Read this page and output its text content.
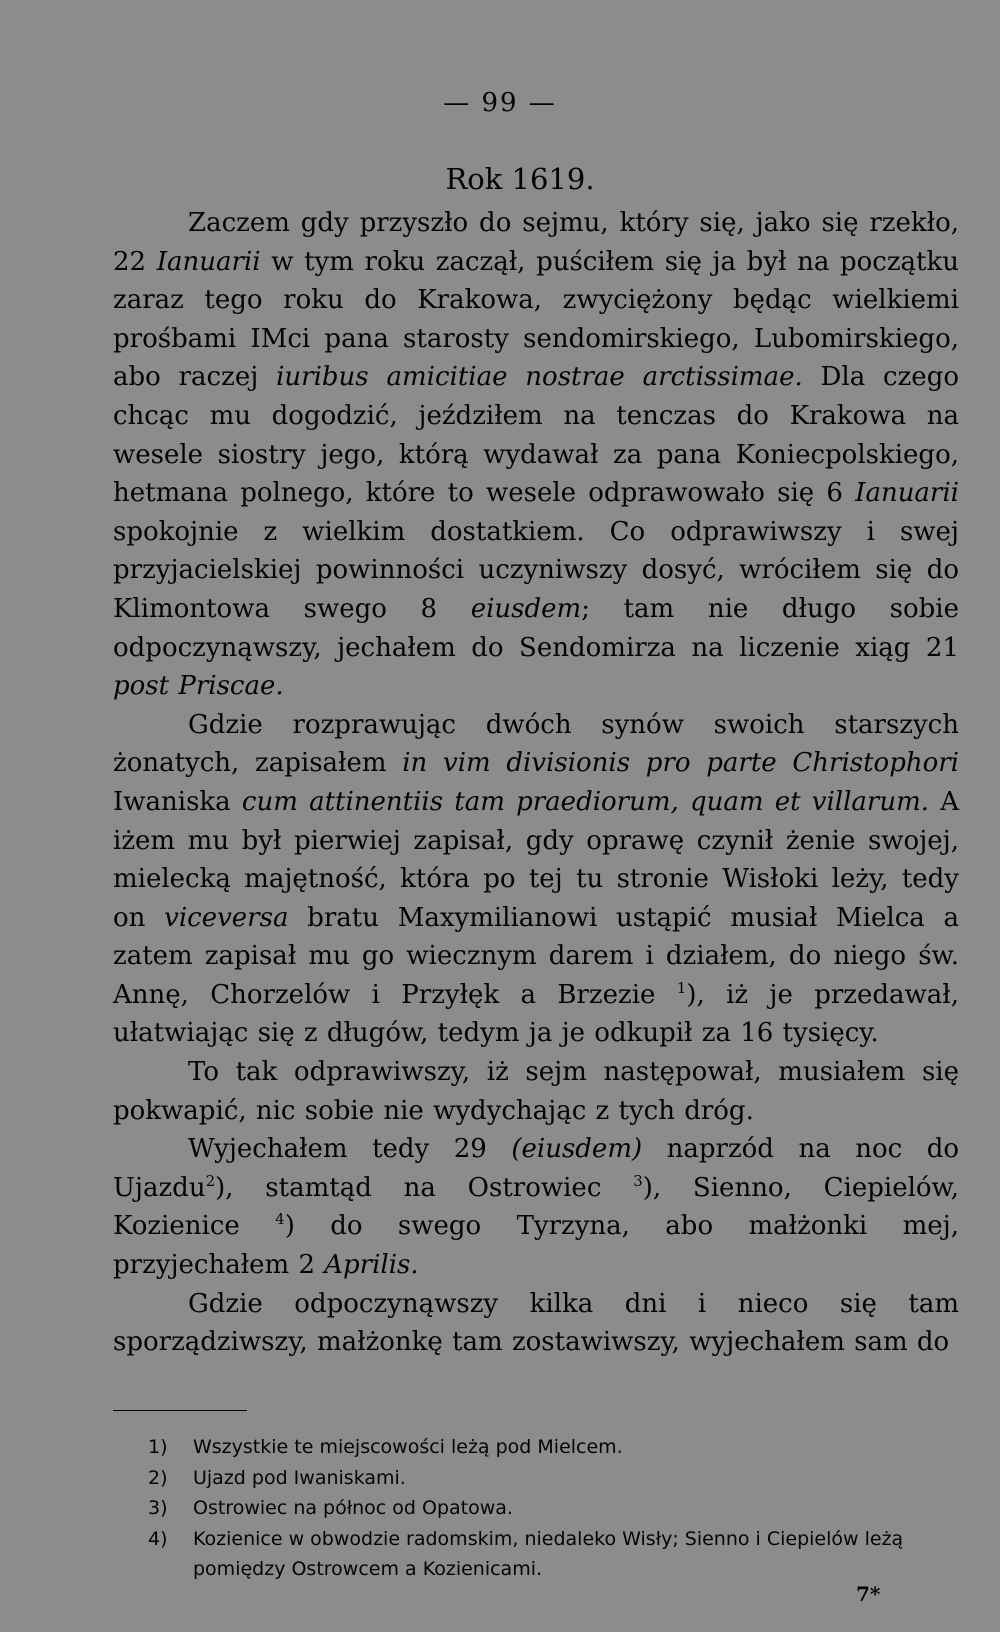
— 99 —
Rok 1619.

Zaczem gdy przyszło do sejmu, który się, jako się rzekło, 22 Ianuarii w tym roku zaczął, puściłem się ja był na początku zaraz tego roku do Krakowa, zwyciężony będąc wielkiemi prośbami IMci pana starosty sendomirskiego, Lubomirskiego, abo raczej iuribus amicitiae nostrae arctissimae. Dla czego chcąc mu dogodzić, jeździłem na tenczas do Krakowa na wesele siostry jego, którą wydawał za pana Koniecpolskiego, hetmana polnego, które to wesele odprawowało się 6 Ianuarii spokojnie z wielkim dostatkiem. Co odprawiwszy i swej przyjacielskiej powinności uczyniwszy dosyć, wróciłem się do Klimontowa swego 8 eiusdem; tam nie długo sobie odpoczynąwszy, jechałem do Sendomirza na liczenie xiąg 21 post Priscae.

Gdzie rozprawując dwóch synów swoich starszych żonatych, zapisałem in vim divisionis pro parte Christophori Iwaniska cum attinentiis tam praediorum, quam et villarum. A iżem mu był pierwiej zapisał, gdy oprawę czynił żenie swojej, mielecką majętność, która po tej tu stronie Wisłoki leży, tedy on viceversa bratu Maxymilianowi ustąpić musiał Mielca a zatem zapisał mu go wiecznym darem i działem, do niego św. Annę, Chorzelów i Przyłęk a Brzezie $^1$), iż je przedawał, ułatwiając się z długów, tedym ja je odkupił za 16 tysięcy.

To tak odprawiwszy, iż sejm następował, musiałem się pokwapić, nic sobie nie wydychając z tych dróg.

Wyjechałem tedy 29 (eiusdem) naprzód na noc do Ujazdu$^2$), stamtąd na Ostrowiec $^3$), Sienno, Ciepielów, Kozienice $^4$) do swego Tyrzyna, abo małżonki mej, przyjechałem 2 Aprilis.

Gdzie odpoczynąwszy kilka dni i nieco się tam sporządziwszy, małżonkę tam zostawiwszy, wyjechałem sam do

1) Wszystkie te miejscowości leżą pod Mielcem.
2) Ujazd pod Iwaniskami.
3) Ostrowiec na północ od Opatowa.
4) Kozienice w obwodzie radomskim, niedaleko Wisły; Sienno i Ciepielów leżą pomiędzy Ostrowcem a Kozienicami.
7*
